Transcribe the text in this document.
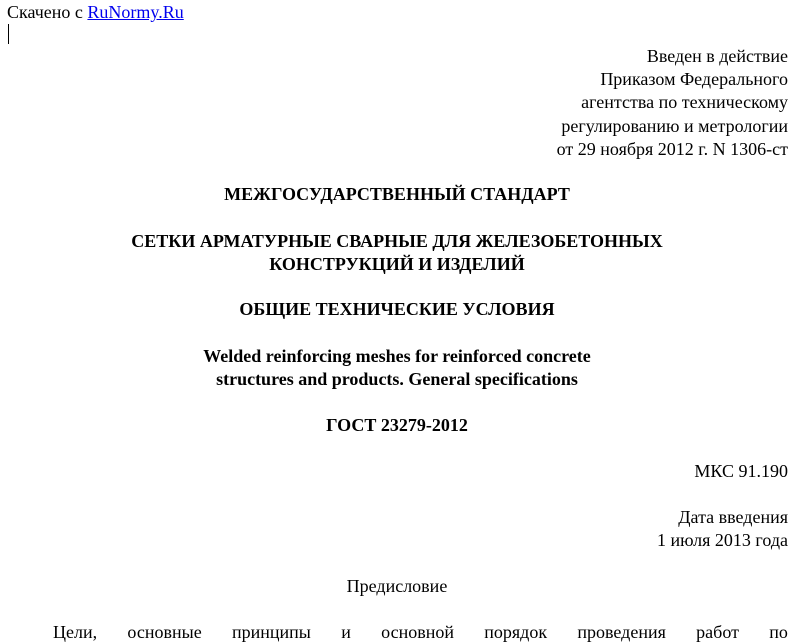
Скачено с RuNormy.Ru
Введен в действие
Приказом Федерального
агентства по техническому
регулированию и метрологии
от 29 ноября 2012 г. N 1306-ст
МЕЖГОСУДАРСТВЕННЫЙ СТАНДАРТ
СЕТКИ АРМАТУРНЫЕ СВАРНЫЕ ДЛЯ ЖЕЛЕЗОБЕТОННЫХ
КОНСТРУКЦИЙ И ИЗДЕЛИЙ
ОБЩИЕ ТЕХНИЧЕСКИЕ УСЛОВИЯ
Welded reinforcing meshes for reinforced concrete
structures and products. General specifications
ГОСТ 23279-2012
МКС 91.190
Дата введения
1 июля 2013 года
Предисловие
Цели, основные принципы и основной порядок проведения работ по
